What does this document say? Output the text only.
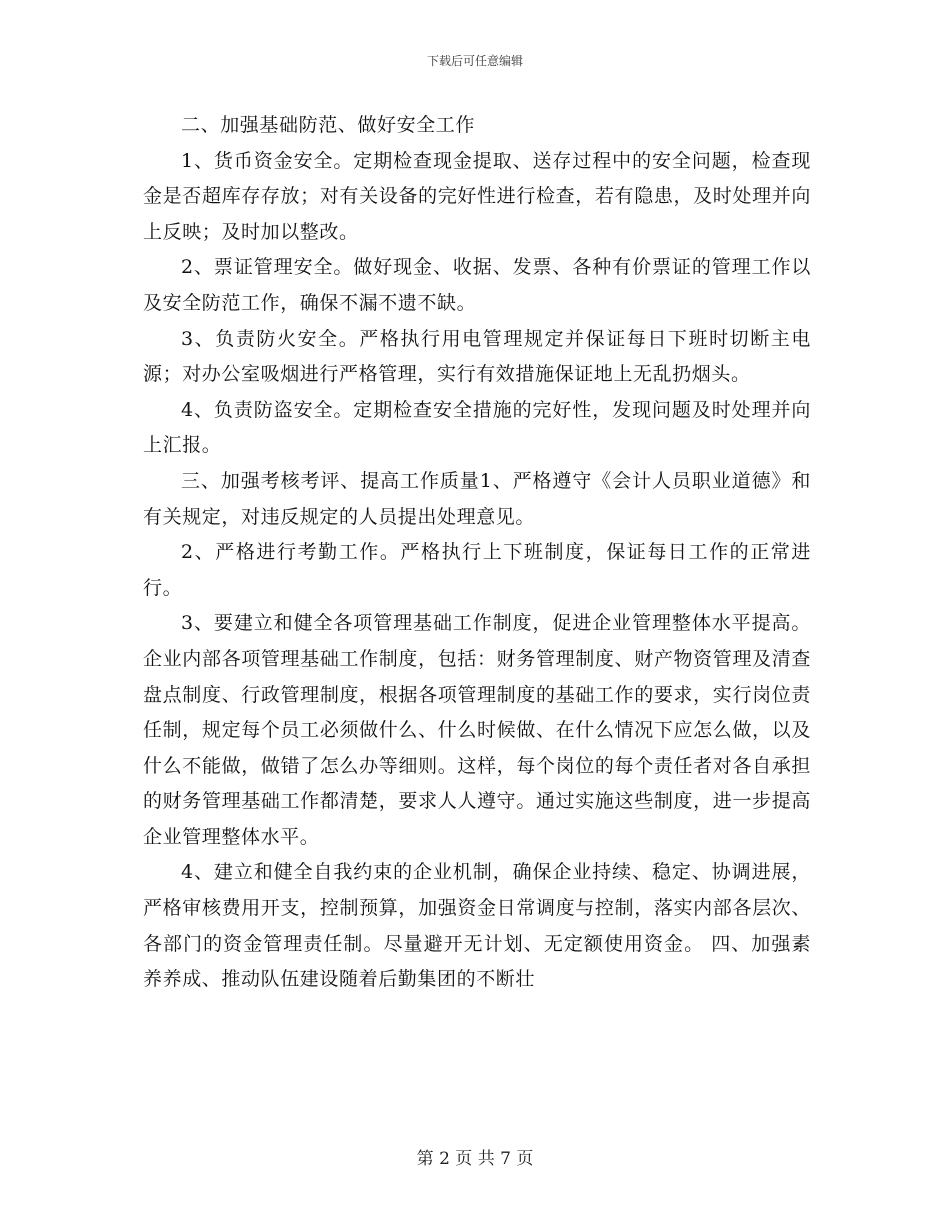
下载后可任意编辑

二、加强基础防范、做好安全工作

1、货币资金安全。定期检查现金提取、送存过程中的安全问题，检查现金是否超库存存放；对有关设备的完好性进行检查，若有隐患，及时处理并向上反映；及时加以整改。

2、票证管理安全。做好现金、收据、发票、各种有价票证的管理工作以及安全防范工作，确保不漏不遗不缺。

3、负责防火安全。严格执行用电管理规定并保证每日下班时切断主电源；对办公室吸烟进行严格管理，实行有效措施保证地上无乱扔烟头。

4、负责防盗安全。定期检查安全措施的完好性，发现问题及时处理并向上汇报。

三、加强考核考评、提高工作质量1、严格遵守《会计人员职业道德》和有关规定，对违反规定的人员提出处理意见。

2、严格进行考勤工作。严格执行上下班制度，保证每日工作的正常进行。

3、要建立和健全各项管理基础工作制度，促进企业管理整体水平提高。企业内部各项管理基础工作制度，包括：财务管理制度、财产物资管理及清查盘点制度、行政管理制度，根据各项管理制度的基础工作的要求，实行岗位责任制，规定每个员工必须做什么、什么时候做、在什么情况下应怎么做，以及什么不能做，做错了怎么办等细则。这样，每个岗位的每个责任者对各自承担的财务管理基础工作都清楚，要求人人遵守。通过实施这些制度，进一步提高企业管理整体水平。

4、建立和健全自我约束的企业机制，确保企业持续、稳定、协调进展，严格审核费用开支，控制预算，加强资金日常调度与控制，落实内部各层次、各部门的资金管理责任制。尽量避开无计划、无定额使用资金。 四、加强素养养成、推动队伍建设随着后勤集团的不断壮

第 2 页 共 7 页
